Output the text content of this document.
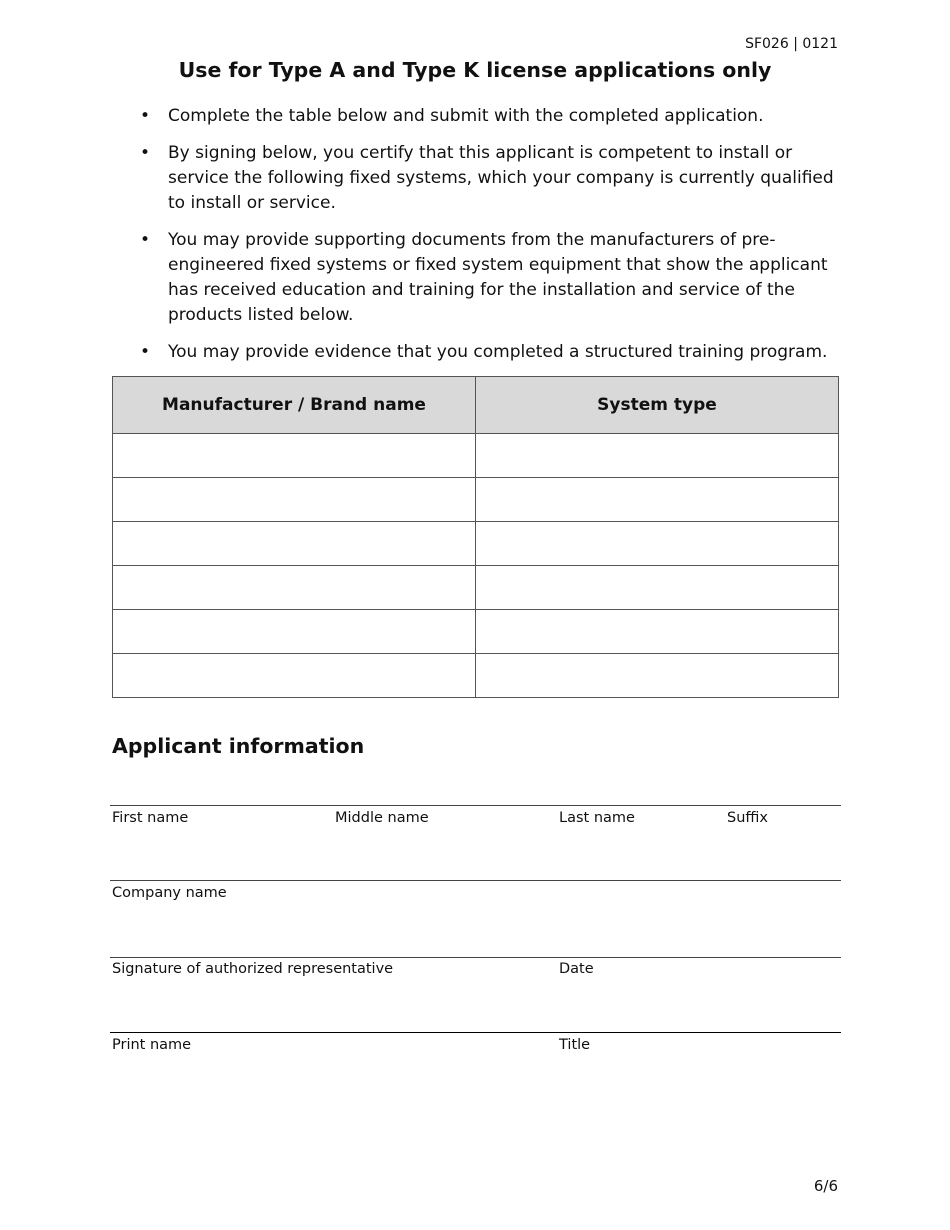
SF026 | 0121
Use for Type A and Type K license applications only
• Complete the table below and submit with the completed application.
• By signing below, you certify that this applicant is competent to install or service the following fixed systems, which your company is currently qualified to install or service.
• You may provide supporting documents from the manufacturers of pre-engineered fixed systems or fixed system equipment that show the applicant has received education and training for the installation and service of the products listed below.
• You may provide evidence that you completed a structured training program.
Manufacturer / Brand name	System type

Applicant information
First name	Middle name	Last name	Suffix
Company name
Signature of authorized representative	Date
Print name	Title
6/6
